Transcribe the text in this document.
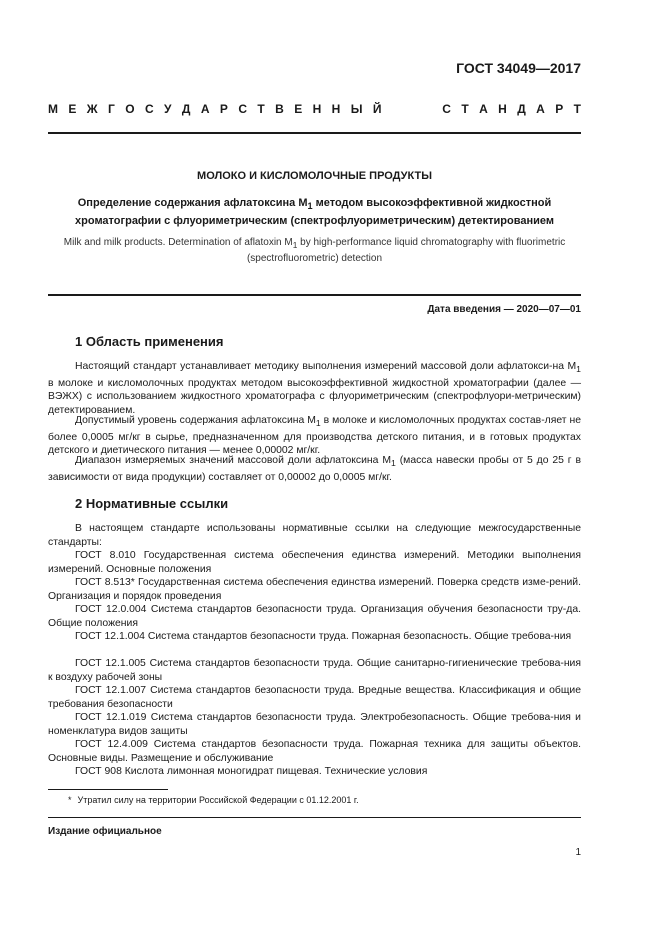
ГОСТ 34049—2017
М Е Ж Г О С У Д А Р С Т В Е Н Н Ы Й	С Т А Н Д А Р Т
МОЛОКО И КИСЛОМОЛОЧНЫЕ ПРОДУКТЫ
Определение содержания афлатоксина $М_1$ методом высокоэффективной жидкостной
хроматографии с флуориметрическим (спектрофлуориметрическим) детектированием
Milk and milk products. Determination of aflatoxin $M_1$ by high-performance liquid chromatography with fluorimetric
(spectrofluorometric) detection
Дата введения — 2020—07—01
1 Область применения
Настоящий стандарт устанавливает методику выполнения измерений массовой доли афлатокси-на $М_1$ в молоке и кисломолочных продуктах методом высокоэффективной жидкостной хроматографии (далее — ВЭЖХ) с использованием жидкостного хроматографа с флуориметрическим (спектрофлуори-метрическим) детектированием.
Допустимый уровень содержания афлатоксина $М_1$ в молоке и кисломолочных продуктах состав-ляет не более 0,0005 мг/кг в сырье, предназначенном для производства детского питания, и в готовых продуктах детского и диетического питания — менее 0,00002 мг/кг.
Диапазон измеряемых значений массовой доли афлатоксина $М_1$ (масса навески пробы от 5 до 25 г в зависимости от вида продукции) составляет от 0,00002 до 0,0005 мг/кг.
2 Нормативные ссылки
В настоящем стандарте использованы нормативные ссылки на следующие межгосударственные стандарты:
ГОСТ 8.010 Государственная система обеспечения единства измерений. Методики выполнения измерений. Основные положения
ГОСТ 8.513* Государственная система обеспечения единства измерений. Поверка средств изме-рений. Организация и порядок проведения
ГОСТ 12.0.004 Система стандартов безопасности труда. Организация обучения безопасности тру-да. Общие положения
ГОСТ 12.1.004 Система стандартов безопасности труда. Пожарная безопасность. Общие требова-ния
ГОСТ 12.1.005 Система стандартов безопасности труда. Общие санитарно-гигиенические требова-ния к воздуху рабочей зоны
ГОСТ 12.1.007 Система стандартов безопасности труда. Вредные вещества. Классификация и общие требования безопасности
ГОСТ 12.1.019 Система стандартов безопасности труда. Электробезопасность. Общие требова-ния и номенклатура видов защиты
ГОСТ 12.4.009 Система стандартов безопасности труда. Пожарная техника для защиты объектов. Основные виды. Размещение и обслуживание
ГОСТ 908 Кислота лимонная моногидрат пищевая. Технические условия
* Утратил силу на территории Российской Федерации с 01.12.2001 г.
Издание официальное
1
